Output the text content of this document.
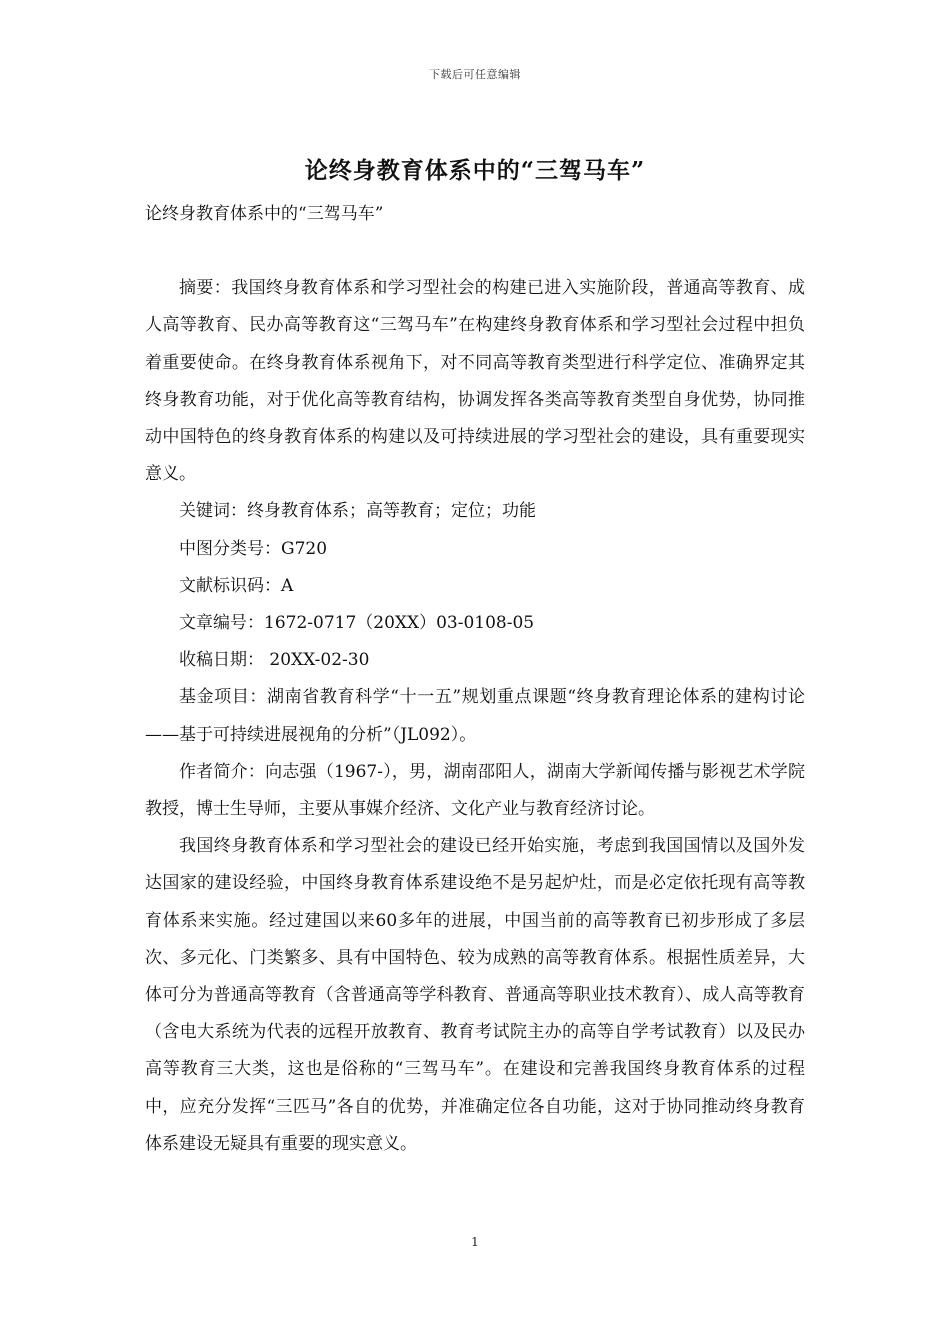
下载后可任意编辑
论终身教育体系中的“三驾马车”

论终身教育体系中的“三驾马车”

摘要：我国终身教育体系和学习型社会的构建已进入实施阶段，普通高等教育、成人高等教育、民办高等教育这“三驾马车”在构建终身教育体系和学习型社会过程中担负着重要使命。在终身教育体系视角下，对不同高等教育类型进行科学定位、准确界定其终身教育功能，对于优化高等教育结构，协调发挥各类高等教育类型自身优势，协同推动中国特色的终身教育体系的构建以及可持续进展的学习型社会的建设，具有重要现实意义。

关键词：终身教育体系；高等教育；定位；功能

中图分类号：G720

文献标识码：A

文章编号：1672-0717（20XX）03-0108-05

收稿日期： 20XX-02-30

基金项目：湖南省教育科学“十一五”规划重点课题“终身教育理论体系的建构讨论——基于可持续进展视角的分析”（JL092）。

作者简介：向志强（1967-），男，湖南邵阳人，湖南大学新闻传播与影视艺术学院教授，博士生导师，主要从事媒介经济、文化产业与教育经济讨论。

我国终身教育体系和学习型社会的建设已经开始实施，考虑到我国国情以及国外发达国家的建设经验，中国终身教育体系建设绝不是另起炉灶，而是必定依托现有高等教育体系来实施。经过建国以来60多年的进展，中国当前的高等教育已初步形成了多层次、多元化、门类繁多、具有中国特色、较为成熟的高等教育体系。根据性质差异，大体可分为普通高等教育（含普通高等学科教育、普通高等职业技术教育）、成人高等教育（含电大系统为代表的远程开放教育、教育考试院主办的高等自学考试教育）以及民办高等教育三大类，这也是俗称的“三驾马车”。在建设和完善我国终身教育体系的过程中，应充分发挥“三匹马”各自的优势，并准确定位各自功能，这对于协同推动终身教育体系建设无疑具有重要的现实意义。

1
